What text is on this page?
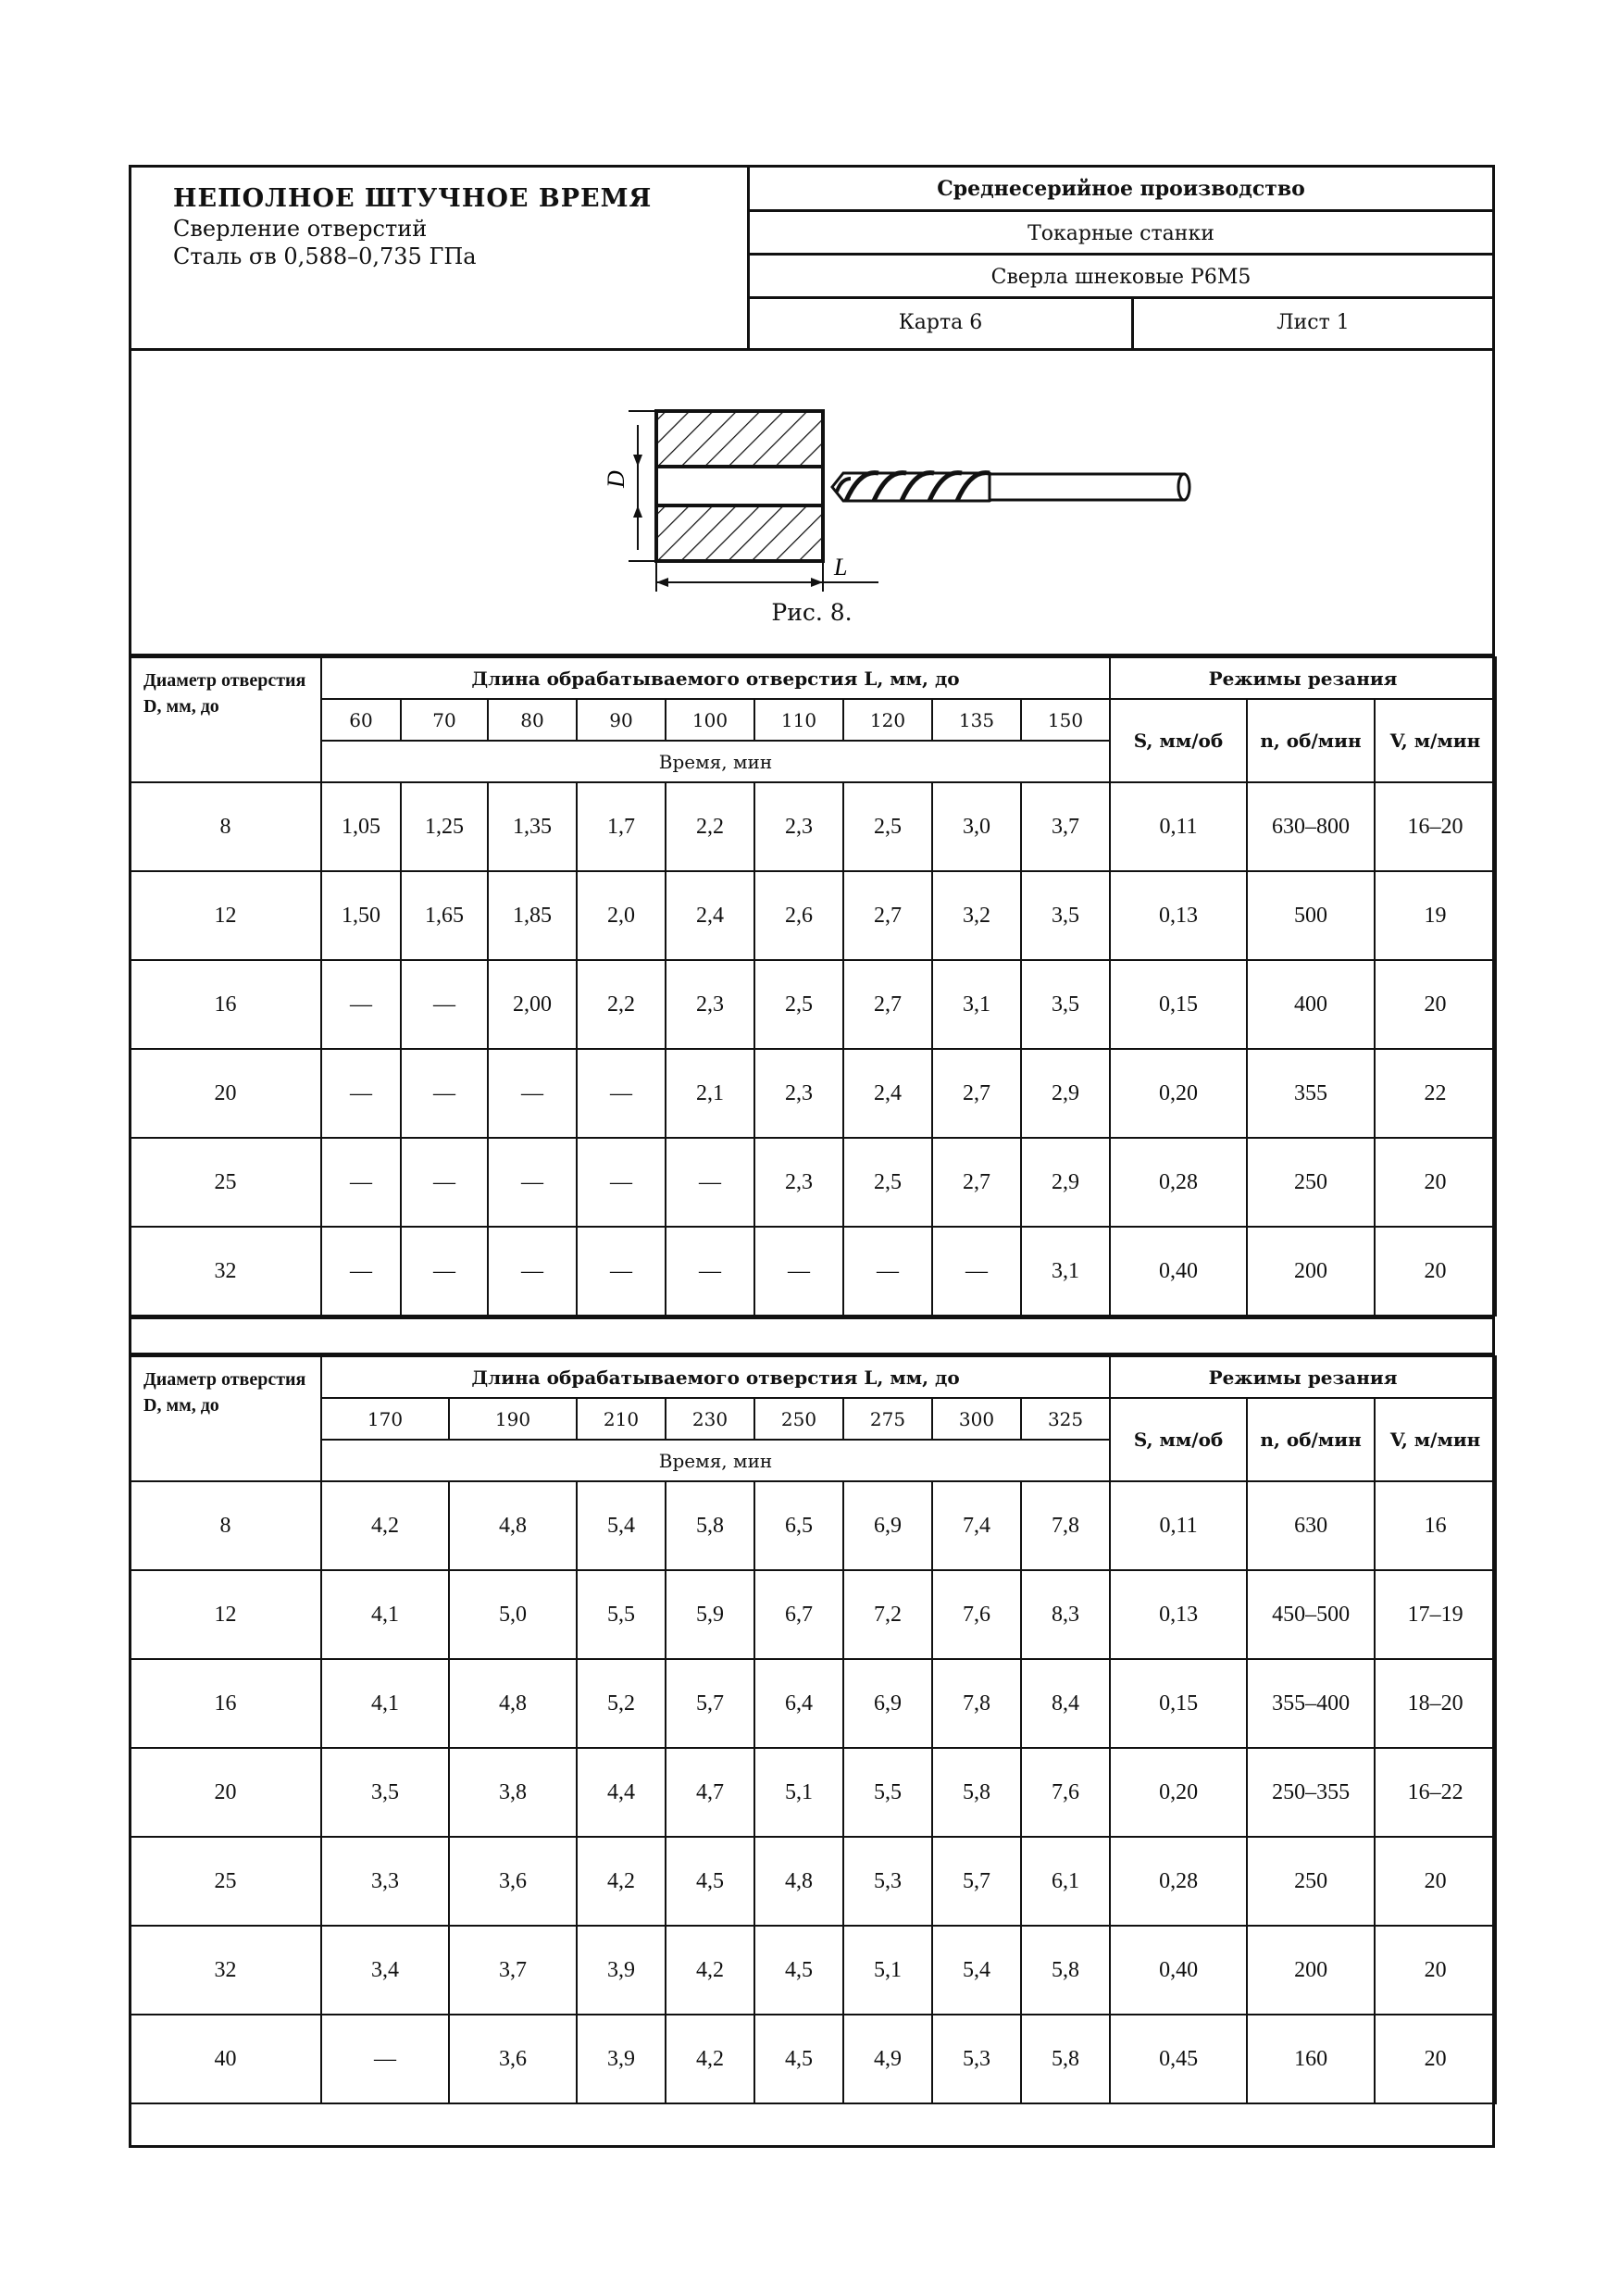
НЕПОЛНОЕ ШТУЧНОЕ ВРЕМЯ
Сверление отверстий
Сталь σв 0,588–0,735 ГПа
Среднесерийное производство
Токарные станки
Сверла шнековые Р6М5
Карта 6	Лист 1
D
L
Рис. 8.
Диаметр отверстия D, мм, до	Длина обрабатываемого отверстия L, мм, до									Режимы резания		
	60	70	80	90	100	110	120	135	150	S, мм/об	n, об/мин	V, м/мин
	Время, мин											
8	1,05	1,25	1,35	1,7	2,2	2,3	2,5	3,0	3,7	0,11	630–800	16–20
12	1,50	1,65	1,85	2,0	2,4	2,6	2,7	3,2	3,5	0,13	500	19
16	—	—	2,00	2,2	2,3	2,5	2,7	3,1	3,5	0,15	400	20
20	—	—	—	—	2,1	2,3	2,4	2,7	2,9	0,20	355	22
25	—	—	—	—	—	2,3	2,5	2,7	2,9	0,28	250	20
32	—	—	—	—	—	—	—	—	3,1	0,40	200	20
Диаметр отверстия D, мм, до	Длина обрабатываемого отверстия L, мм, до								Режимы резания		
	170	190	210	230	250	275	300	325	S, мм/об	n, об/мин	V, м/мин
	Время, мин										
8	4,2	4,8	5,4	5,8	6,5	6,9	7,4	7,8	0,11	630	16
12	4,1	5,0	5,5	5,9	6,7	7,2	7,6	8,3	0,13	450–500	17–19
16	4,1	4,8	5,2	5,7	6,4	6,9	7,8	8,4	0,15	355–400	18–20
20	3,5	3,8	4,4	4,7	5,1	5,5	5,8	7,6	0,20	250–355	16–22
25	3,3	3,6	4,2	4,5	4,8	5,3	5,7	6,1	0,28	250	20
32	3,4	3,7	3,9	4,2	4,5	5,1	5,4	5,8	0,40	200	20
40	—	3,6	3,9	4,2	4,5	4,9	5,3	5,8	0,45	160	20
